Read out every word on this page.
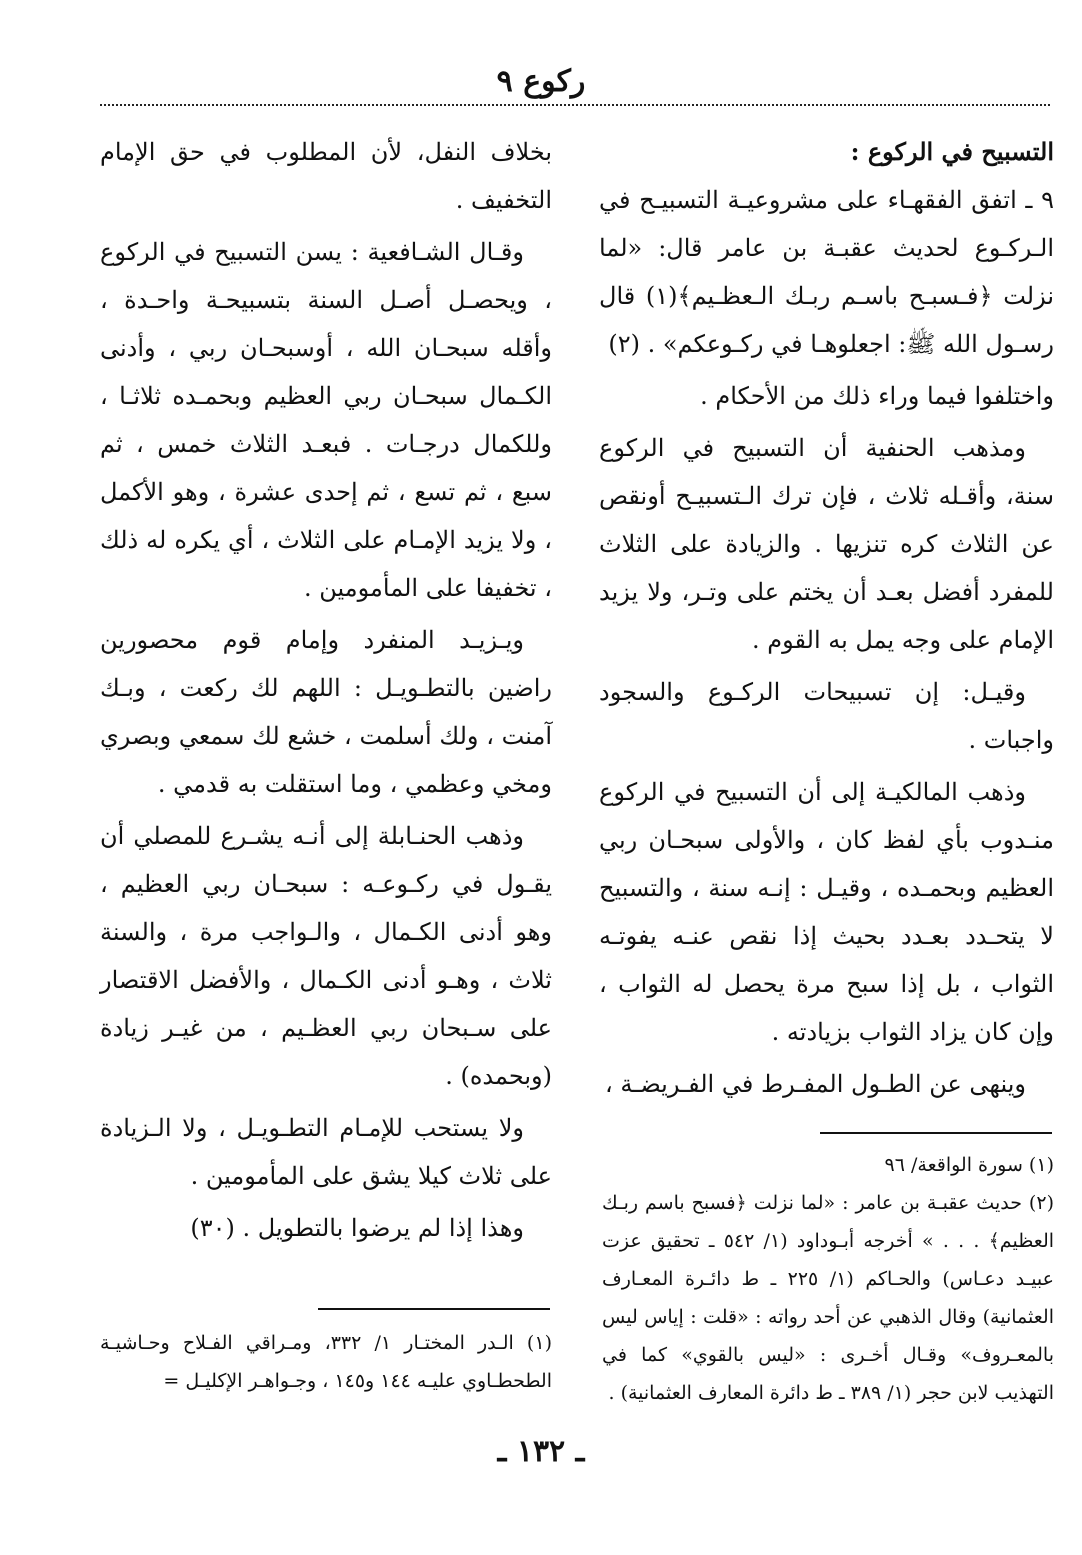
ركوع ٩

التسبيح في الركوع :

٩ ـ اتفق الفقهـاء على مشروعيـة التسبيـح في الـركـوع لحديث عقبـة بن عامر قال: «لما نزلت ﴿فـسبـح باسـم ربـك الـعظـيم﴾(١) قال رسـول الله ﷺ: اجعلوهـا في ركـوعكم» . (٢)

واختلفوا فيما وراء ذلك من الأحكام .

ومذهب الحنفية أن التسبيح في الركوع سنة، وأقـله ثلاث ، فإن ترك الـتسبيـح أونقص عن الثلاث كره تنزيها . والزيادة على الثلاث للمفرد أفضل بعـد أن يختم على وتـر، ولا يزيد الإمام على وجه يمل به القوم .

وقيـل: إن تسبيحات الركـوع والسجود واجبات .

وذهب المالكيـة إلى أن التسبيح في الركوع منـدوب بأي لفظ كان ، والأولى سبحـان ربي العظيم وبحمـده ، وقيـل : إنـه سنة ، والتسبيح لا يتحـدد بعـدد بحيث إذا نقص عنـه يفوتـه الثواب ، بل إذا سبح مرة يحصل له الثواب ، وإن كان يزاد الثواب بزيادته .

وينهى عن الطـول المفـرط في الفـريضـة ،

بخلاف النفل، لأن المطلوب في حق الإمام التخفيف .

وقـال الشـافعية : يسن التسبيح في الركوع ، ويحصـل أصـل السنة بتسبيحـة واحـدة ، وأقله سبحـان الله ، أوسبحـان ربي ، وأدنى الكـمال سبحـان ربي العظيم وبحمـده ثلاثـا ، وللكمال درجـات . فبعـد الثلاث خمس ، ثم سبع ، ثم تسع ، ثم إحدى عشرة ، وهو الأكمل ، ولا يزيد الإمـام على الثلاث ، أي يكره له ذلك ، تخفيفا على المأمومين .

ويـزيـد المنفرد وإمام قوم محصورين راضين بالتطـويـل : اللهم لك ركعت ، وبـك آمنت ، ولك أسلمت ، خشع لك سمعي وبصري ومخي وعظمي ، وما استقلت به قدمي .

وذهب الحنـابلة إلى أنـه يشـرع للمصلي أن يقـول في ركـوعـه : سبحـان ربي العظيم ، وهو أدنى الكـمال ، والـواجب مرة ، والسنة ثلاث ، وهـو أدنى الكـمال ، والأفضل الاقتصار على سـبحان ربي العظـيم ، من غيـر زيادة (وبحمده) .

ولا يستحب للإمـام التطـويـل ، ولا الـزيادة على ثلاث كيلا يشق على المأمومين .

وهذا إذا لم يرضوا بالتطويل . (٣٠)

(١) سورة الواقعة/ ٩٦

(٢) حديث عقبـة بن عامر : «لما نزلت ﴿فسبح باسم ربـك العظيم﴾ . . . » أخرجه أبـوداود (١/ ٥٤٢ ـ تحقيق عزت عبيـد دعـاس) والحـاكم (١/ ٢٢٥ ـ ط دائـرة المعـارف العثمانية) وقال الذهبي عن أحد رواته : «قلت : إياس ليس بالمعـروف» وقـال أخـرى : «ليس بالقوي» كما في التهذيب لابن حجر (١/ ٣٨٩ ـ ط دائرة المعارف العثمانية) .

(١) الـدر المختـار ١/ ٣٣٢، ومـراقي الفـلاح وحـاشيـة الطحطـاوي عليـه ١٤٤ و١٤٥ ، وجـواهـر الإكليـل =

ـ ١٣٢ ـ
